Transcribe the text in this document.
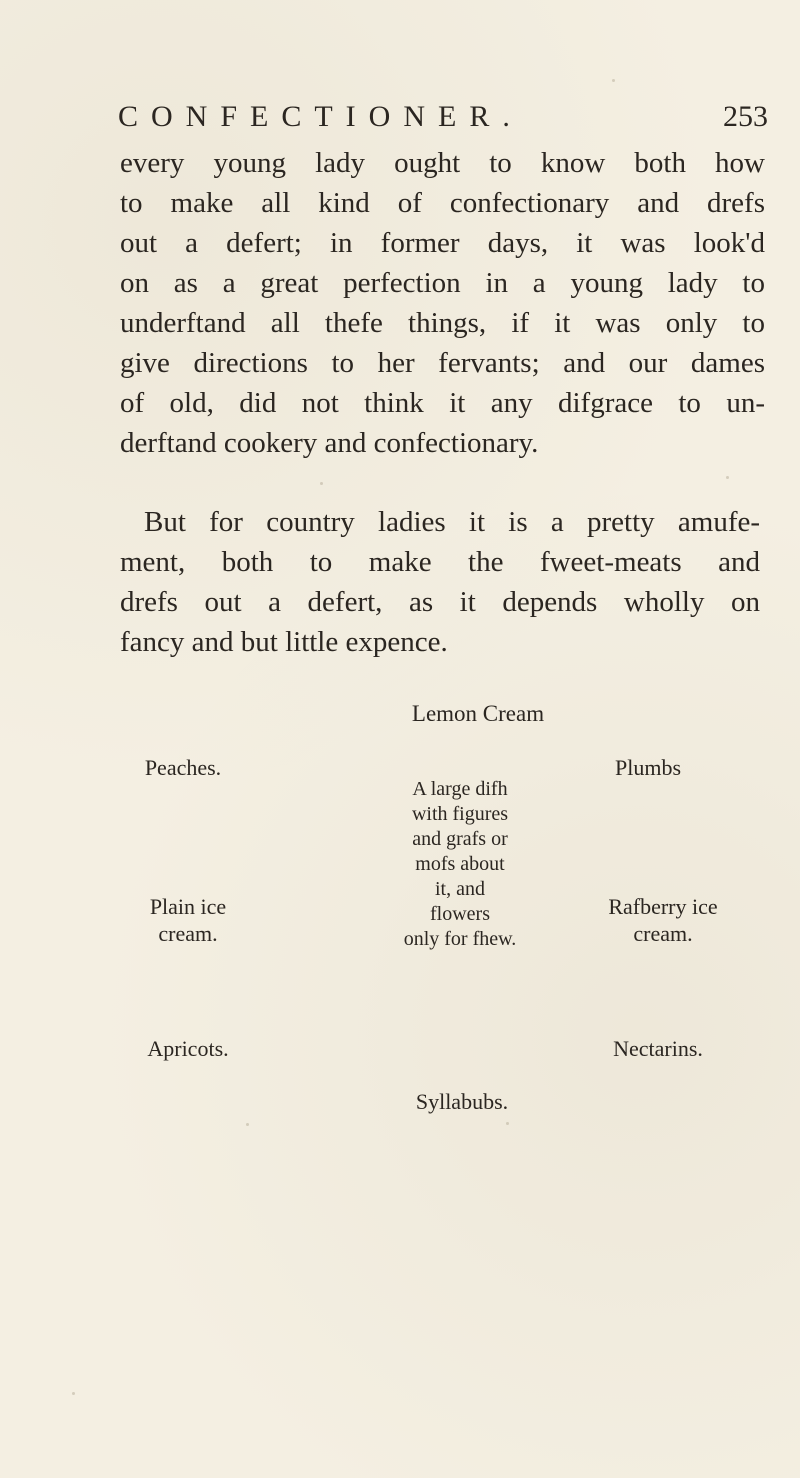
CONFECTIONER.	253
every young lady ought to know both how
to make all kind of confectionary and drefs
out a defert; in former days, it was look'd
on as a great perfection in a young lady to
underftand all thefe things, if it was only to
give directions to her fervants; and our dames
of old, did not think it any difgrace to un-
derftand cookery and confectionary.
But for country ladies it is a pretty amufe-
ment, both to make the fweet-meats and
drefs out a defert, as it depends wholly on
fancy and but little expence.
Lemon Cream
Peaches.	Plumbs
A large difh
with figures
and grafs or
mofs about
it, and
flowers
only for fhew.
Plain ice
cream.
Rafberry ice
cream.
Apricots.	Nectarins.
Syllabubs.
